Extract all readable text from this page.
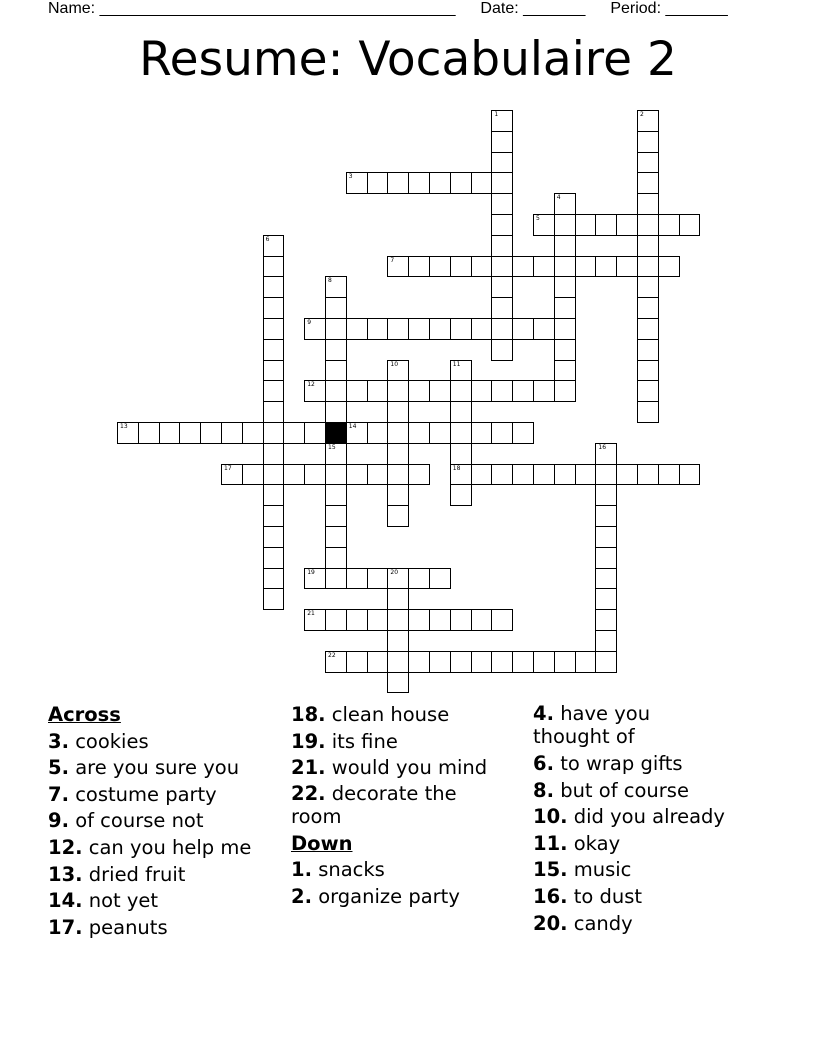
Name: ________________________________________ Date: _______ Period: _______
Resume: Vocabulaire 2
1	2
3
4
5
6
7
8
9
10	11
18
12
13	14
15	16
17
19	20
21
22
Across
3. cookies
5. are you sure you
7. costume party
9. of course not
12. can you help me
13. dried fruit
14. not yet
17. peanuts
18. clean house
19. its fine
21. would you mind
22. decorate the room
Down
1. snacks
2. organize party
4. have you thought of
6. to wrap gifts
8. but of course
10. did you already
11. okay
15. music
16. to dust
20. candy
